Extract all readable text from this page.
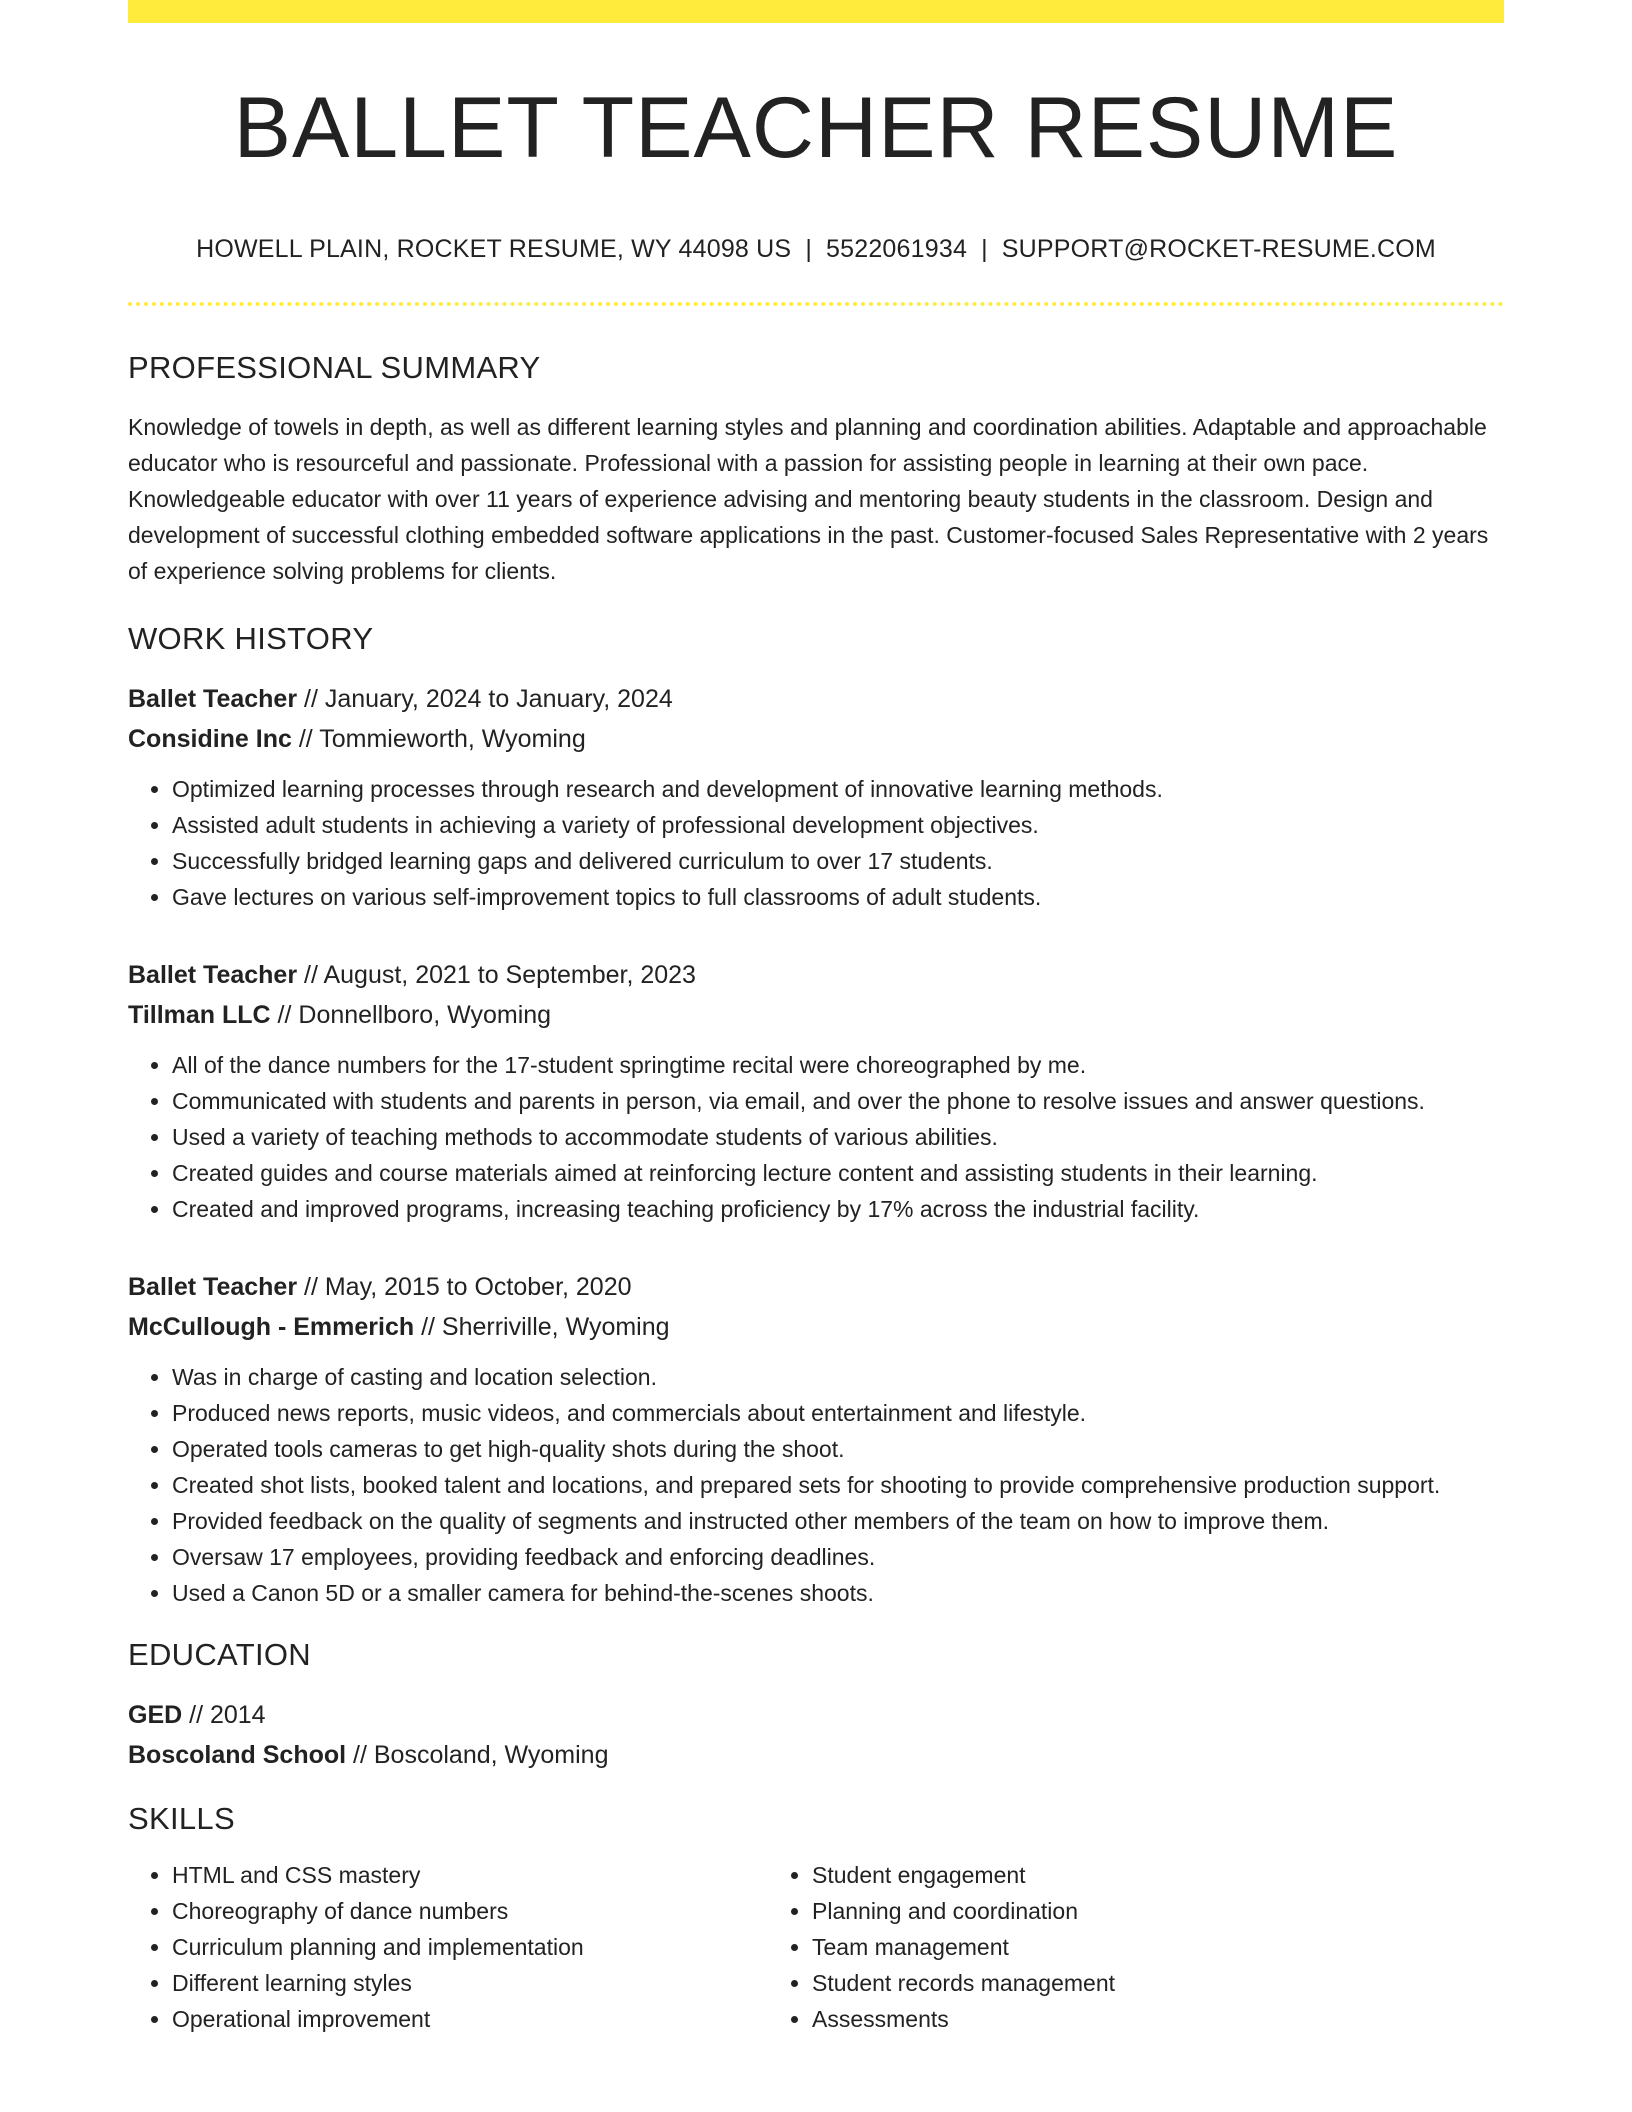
BALLET TEACHER RESUME
HOWELL PLAIN, ROCKET RESUME, WY 44098 US | 5522061934 | SUPPORT@ROCKET-RESUME.COM
PROFESSIONAL SUMMARY
Knowledge of towels in depth, as well as different learning styles and planning and coordination abilities. Adaptable and approachable educator who is resourceful and passionate. Professional with a passion for assisting people in learning at their own pace. Knowledgeable educator with over 11 years of experience advising and mentoring beauty students in the classroom. Design and development of successful clothing embedded software applications in the past. Customer-focused Sales Representative with 2 years of experience solving problems for clients.
WORK HISTORY
Ballet Teacher // January, 2024 to January, 2024
Considine Inc // Tommieworth, Wyoming
• Optimized learning processes through research and development of innovative learning methods.
• Assisted adult students in achieving a variety of professional development objectives.
• Successfully bridged learning gaps and delivered curriculum to over 17 students.
• Gave lectures on various self-improvement topics to full classrooms of adult students.
Ballet Teacher // August, 2021 to September, 2023
Tillman LLC // Donnellboro, Wyoming
• All of the dance numbers for the 17-student springtime recital were choreographed by me.
• Communicated with students and parents in person, via email, and over the phone to resolve issues and answer questions.
• Used a variety of teaching methods to accommodate students of various abilities.
• Created guides and course materials aimed at reinforcing lecture content and assisting students in their learning.
• Created and improved programs, increasing teaching proficiency by 17% across the industrial facility.
Ballet Teacher // May, 2015 to October, 2020
McCullough - Emmerich // Sherriville, Wyoming
• Was in charge of casting and location selection.
• Produced news reports, music videos, and commercials about entertainment and lifestyle.
• Operated tools cameras to get high-quality shots during the shoot.
• Created shot lists, booked talent and locations, and prepared sets for shooting to provide comprehensive production support.
• Provided feedback on the quality of segments and instructed other members of the team on how to improve them.
• Oversaw 17 employees, providing feedback and enforcing deadlines.
• Used a Canon 5D or a smaller camera for behind-the-scenes shoots.
EDUCATION
GED // 2014
Boscoland School // Boscoland, Wyoming
SKILLS
• HTML and CSS mastery
• Choreography of dance numbers
• Curriculum planning and implementation
• Different learning styles
• Operational improvement
• Student engagement
• Planning and coordination
• Team management
• Student records management
• Assessments
